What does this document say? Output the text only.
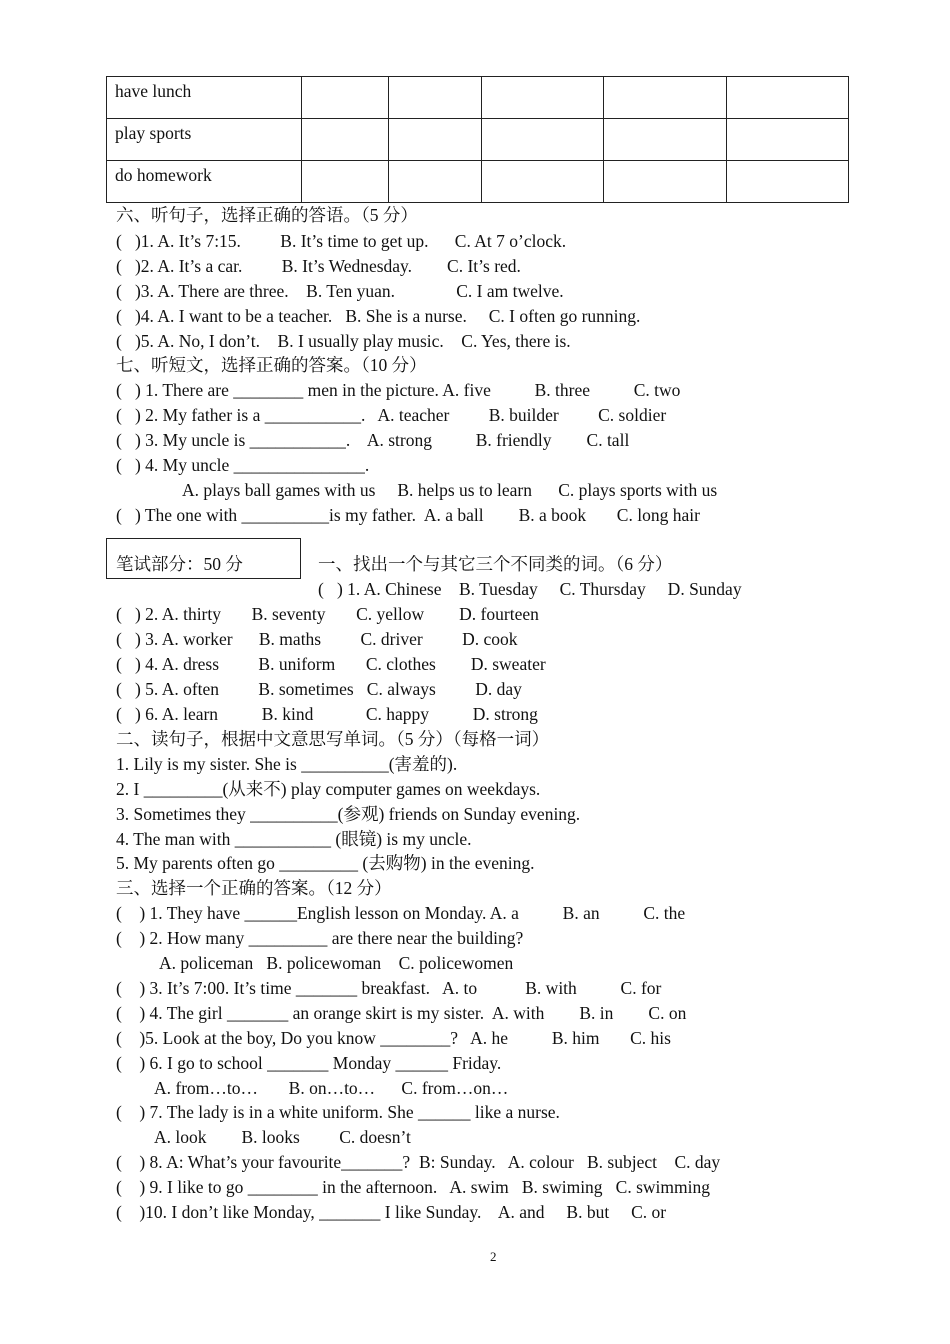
have lunch					
play sports					
do homework					
六、听句子，选择正确的答语。（5 分）
(   )1. A. It’s 7:15.         B. It’s time to get up.      C. At 7 o’clock.
(   )2. A. It’s a car.         B. It’s Wednesday.        C. It’s red.
(   )3. A. There are three.    B. Ten yuan.              C. I am twelve.
(   )4. A. I want to be a teacher.   B. She is a nurse.     C. I often go running.
(   )5. A. No, I don’t.    B. I usually play music.    C. Yes, there is.
七、听短文，选择正确的答案。（10 分）
(   ) 1. There are ________ men in the picture. A. five          B. three          C. two
(   ) 2. My father is a ___________.   A. teacher         B. builder         C. soldier
(   ) 3. My uncle is ___________.    A. strong          B. friendly        C. tall
(   ) 4. My uncle _______________.
A. plays ball games with us     B. helps us to learn      C. plays sports with us
(   ) The one with __________is my father.  A. a ball        B. a book       C. long hair
笔试部分：50 分	一、找出一个与其它三个不同类的词。（6 分）
(   ) 1. A. Chinese    B. Tuesday     C. Thursday     D. Sunday
(   ) 2. A. thirty       B. seventy       C. yellow        D. fourteen
(   ) 3. A. worker      B. maths         C. driver         D. cook
(   ) 4. A. dress         B. uniform       C. clothes        D. sweater
(   ) 5. A. often         B. sometimes   C. always         D. day
(   ) 6. A. learn          B. kind            C. happy          D. strong
二、读句子，根据中文意思写单词。（5 分）（每格一词）
1. Lily is my sister. She is __________(害羞的).
2. I _________(从来不) play computer games on weekdays.
3. Sometimes they __________(参观) friends on Sunday evening.
4. The man with ___________ (眼镜) is my uncle.
5. My parents often go _________ (去购物) in the evening.
三、选择一个正确的答案。（12 分）
(    ) 1. They have ______English lesson on Monday. A. a          B. an          C. the
(    ) 2. How many _________ are there near the building?
A. policeman   B. policewoman    C. policewomen
(    ) 3. It’s 7:00. It’s time _______ breakfast.   A. to           B. with          C. for
(    ) 4. The girl _______ an orange skirt is my sister.  A. with        B. in        C. on
(    )5. Look at the boy, Do you know ________?   A. he          B. him       C. his
(    ) 6. I go to school _______ Monday ______ Friday.
A. from…to…       B. on…to…      C. from…on…
(    ) 7. The lady is in a white uniform. She ______ like a nurse.
A. look        B. looks         C. doesn’t
(    ) 8. A: What’s your favourite_______?  B: Sunday.   A. colour   B. subject    C. day
(    ) 9. I like to go ________ in the afternoon.   A. swim   B. swiming   C. swimming
(    )10. I don’t like Monday, _______ I like Sunday.    A. and     B. but     C. or
2
